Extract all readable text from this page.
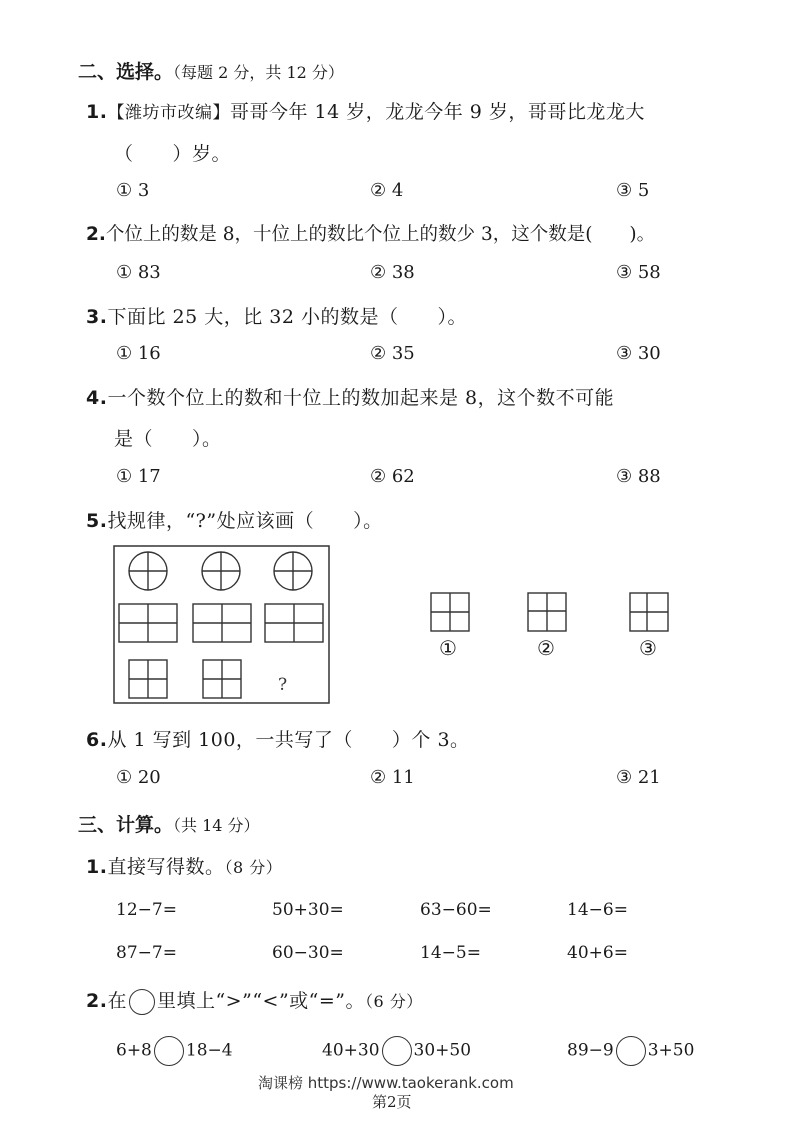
二、选择。（每题 2 分，共 12 分）
1.【潍坊市改编】哥哥今年 14 岁，龙龙今年 9 岁，哥哥比龙龙大
（　　）岁。
① 3	② 4	③ 5
2.个位上的数是 8，十位上的数比个位上的数少 3，这个数是(　　)。
① 83	② 38	③ 58
3.下面比 25 大，比 32 小的数是（　　）。
① 16	② 35	③ 30
4.一个数个位上的数和十位上的数加起来是 8，这个数不可能
是（　　）。
① 17	② 62	③ 88
5.找规律，“?”处应该画（　　）。
?
①	②	③
6.从 1 写到 100，一共写了（　　）个 3。
① 20	② 11	③ 21
三、计算。（共 14 分）
1.直接写得数。（8 分）
12−7=	50+30=	63−60=	14−6=
87−7=	60−30=	14−5=	40+6=
2.在 里填上“>”“<”或“=”。（6 分）
6+8 18−4	40+30 30+50	89−9 3+50
淘课榜 https://www.taokerank.com
第2页
